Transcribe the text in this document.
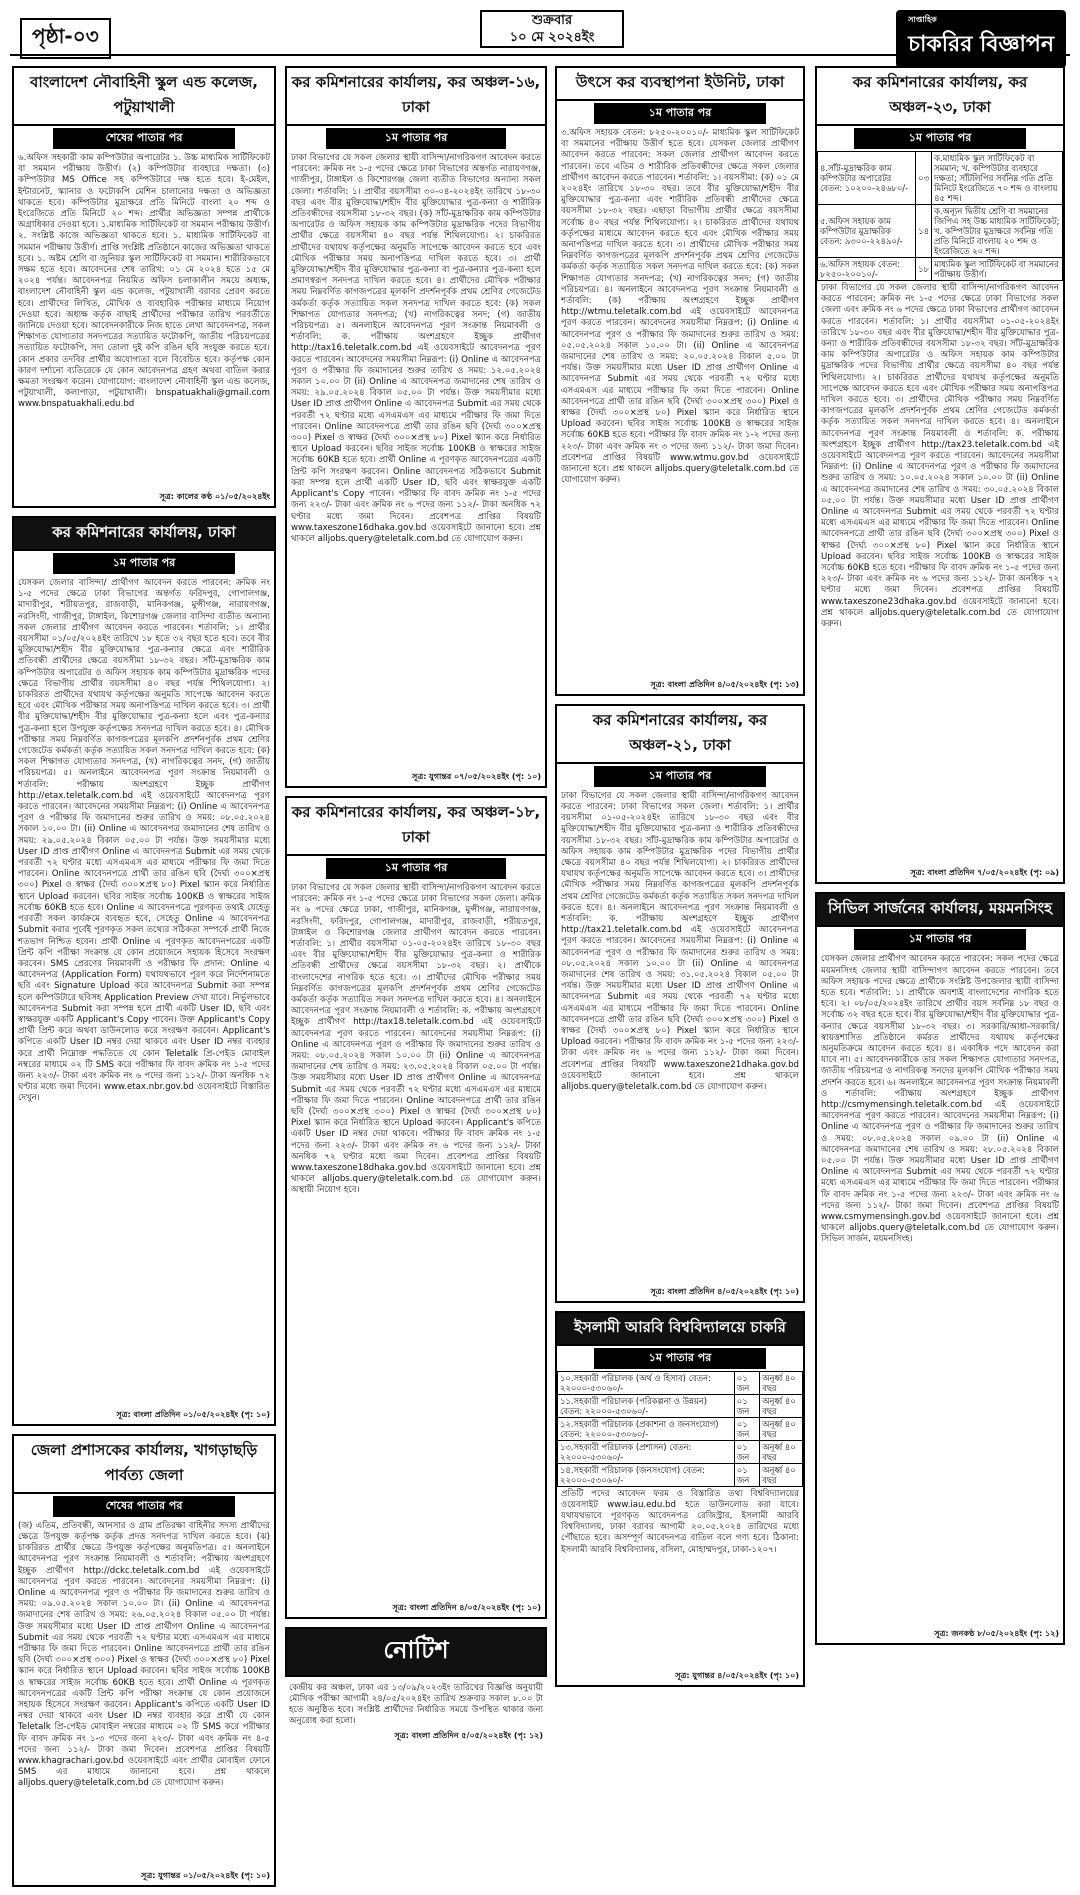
পৃষ্ঠা-০৩
শুক্রবার
১০ মে ২০২৪ইং
সাপ্তাহিক
চাকরির বিজ্ঞাপন
বাংলাদেশ নৌবাহিনী স্কুল এন্ড কলেজ, পটুয়াখালী
শেষের পাতার পর
৬.অফিস সহকারী কাম কম্পিউটার অপারেটর ১. উচ্চ মাধ্যমিক সার্টিফিকেট বা সমমান পরীক্ষায় উত্তীর্ণ। (২) কম্পিউটার ব্যবহারে দক্ষতা। (৩) কম্পিউটার MS Office সহ কম্পিউটারে দক্ষ হতে হবে। ই-মেইল, ইন্টারনেট, স্ক্যানার ও ফটোকপি মেশিন চালানোর দক্ষতা ও অভিজ্ঞতা থাকতে হবে। কম্পিউটার মুদ্রাক্ষরে প্রতি মিনিটে বাংলা ২০ শব্দ ও ইংরেজিতে প্রতি মিনিটে ২০ শব্দ। প্রার্থীর অভিজ্ঞতা সম্পন্ন প্রার্থীকে অগ্রাধিকার দেওয়া হবে। ১.মাধ্যমিক সার্টিফিকেট বা সমমান পরীক্ষায় উত্তীর্ণ। ২. সংশ্লিষ্ট কাজে অভিজ্ঞতা থাকতে হবে। ১. মাধ্যমিক সার্টিফিকেট বা সমমান পরীক্ষায় উত্তীর্ণ। প্রাপ্তি সংশ্লিষ্ট প্রতিষ্ঠানে কাজের অভিজ্ঞতা থাকতে হবে। ১. অষ্টম শ্রেণি বা জুনিয়র স্কুল সার্টিফিকেট বা সমমান। শারীরিকভাবে সক্ষম হতে হবে। আবেদনের শেষ তারিখ: ০১ মে ২০২৪ হতে ১৫ মে ২০২৪ পর্যন্ত। আবেদনপত্র নিয়মিত অফিস চলাকালীন সময়ে অধ্যক্ষ, বাংলাদেশ নৌবাহিনী স্কুল এন্ড কলেজ, পটুয়াখালী বরাবর প্রেরণ করতে হবে। প্রার্থীদের লিখিত, মৌখিক ও ব্যবহারিক পরীক্ষার মাধ্যমে নিয়োগ দেওয়া হবে। অধ্যক্ষ কর্তৃক বাছাই প্রার্থীদের পরীক্ষার তারিখ পরবর্তীতে জানিয়ে দেওয়া হবে। আবেদনকারীকে নিজ হাতে লেখা আবেদনপত্র, সকল শিক্ষাগত যোগ্যতার সনদপত্রের সত্যায়িত ফটোকপি, জাতীয় পরিচয়পত্রের সত্যায়িত ফটোকপি, সদ্য তোলা দুই কপি রঙিন ছবি সংযুক্ত করতে হবে। কোন প্রকার তদবির প্রার্থীর অযোগ্যতা বলে বিবেচিত হবে। কর্তৃপক্ষ কোন কারণ দর্শানো ব্যতিরেকে যে কোন আবেদনপত্র গ্রহণ অথবা বাতিল করার ক্ষমতা সংরক্ষণ করেন। যোগাযোগ: বাংলাদেশ নৌবাহিনী স্কুল এন্ড কলেজ, পটুয়াখালী, কলাপাড়া, পটুয়াখালী। bnspatuakhali@gmail.com www.bnspatuakhali.edu.bd
সূত্র: কালের কণ্ঠ ০১/০৫/২০২৪ইং
কর কমিশনারের কার্যালয়, ঢাকা
১ম পাতার পর
যেসকল জেলার বাসিন্দা/ প্রার্থীগণ আবেদন করতে পারবেন: ক্রমিক নং ১-৫ পদের ক্ষেত্রে ঢাকা বিভাগের অন্তর্গত ফরিদপুর, গোপালগঞ্জ, মাদারীপুর, শরীয়তপুর, রাজবাড়ী, মানিকগঞ্জ, মুন্সীগঞ্জ, নারায়ণগঞ্জ, নরসিংদী, গাজীপুর, টাঙ্গাইল, কিশোরগঞ্জ জেলার বাসিন্দা ব্যতীত অন্যান্য সকল জেলার প্রার্থীগণ আবেদন করতে পারবেন। শর্তাবলি: ১। প্রার্থীর বয়সসীমা ০১/০৫/২০২৪ইং তারিখে ১৮ হতে ৩২ বছর হতে হবে। তবে বীর মুক্তিযোদ্ধা/শহীদ বীর মুক্তিযোদ্ধার পুত্র-কন্যার ক্ষেত্রে এবং শারীরিক প্রতিবন্ধী প্রার্থীদের ক্ষেত্রে বয়সসীমা ১৮-৩২ বছর। সাঁট-মুদ্রাক্ষরিক কাম কম্পিউটার অপারেটর ও অফিস সহায়ক কাম কম্পিউটার মুদ্রাক্ষরিক পদের ক্ষেত্রে বিভাগীয় প্রার্থীর বয়সসীমা ৪০ বছর পর্যন্ত শিথিলযোগ্য। ২। চাকরিরত প্রার্থীদের যথাযথ কর্তৃপক্ষের অনুমতি সাপেক্ষে আবেদন করতে হবে এবং মৌখিক পরীক্ষার সময় অনাপত্তিপত্র দাখিল করতে হবে। ৩। প্রার্থী বীর মুক্তিযোদ্ধা/শহীদ বীর মুক্তিযোদ্ধার পুত্র-কন্যা হলে এবং পুত্র-কন্যার পুত্র-কন্যা হলে উপযুক্ত কর্তৃপক্ষের সনদপত্র দাখিল করতে হবে। ৪। মৌখিক পরীক্ষার সময় নিম্নবর্ণিত কাগজপত্রের মূলকপি প্রদর্শনপূর্বক প্রথম শ্রেণির গেজেটেড কর্মকর্তা কর্তৃক সত্যায়িত সকল সনদপত্র দাখিল করতে হবে: (ক) সকল শিক্ষাগত যোগ্যতার সনদপত্র, (খ) নাগরিকত্বের সনদ, (গ) জাতীয় পরিচয়পত্র। ৫। অনলাইনে আবেদনপত্র পূরণ সংক্রান্ত নিয়মাবলী ও শর্তাবলি: পরীক্ষায় অংশগ্রহণে ইচ্ছুক প্রার্থীগণ http://etax.teletalk.com.bd এই ওয়েবসাইটে আবেদনপত্র পূরণ করতে পারবেন। আবেদনের সময়সীমা নিম্নরূপ: (i) Online এ আবেদনপত্র পূরণ ও পরীক্ষার ফি জমাদানের শুরুর তারিখ ও সময়: ০৮.০৫.২০২৪ সকাল ১০.০০ টা। (ii) Online এ আবেদনপত্র জমাদানের শেষ তারিখ ও সময়: ২৯.০৫.২০২৪ বিকাল ০৫.০০ টা পর্যন্ত। উক্ত সময়সীমার মধ্যে User ID প্রাপ্ত প্রার্থীগণ Online এ আবেদনপত্র Submit এর সময় থেকে পরবর্তী ৭২ ঘণ্টার মধ্যে এসএমএস এর মাধ্যমে পরীক্ষার ফি জমা দিতে পারবেন। Online আবেদনপত্রে প্রার্থী তার রঙিন ছবি (দৈর্ঘ্য ৩০০×প্রস্থ ৩০০) Pixel ও স্বাক্ষর (দৈর্ঘ্য ৩০০×প্রস্থ ৮০) Pixel স্ক্যান করে নির্ধারিত স্থানে Upload করবেন। ছবির সাইজ সর্বোচ্চ 100KB ও স্বাক্ষরের সাইজ সর্বোচ্চ 60KB হতে হবে। Online এ আবেদনপত্রে পূরণকৃত তথ্যই যেহেতু পরবর্তী সকল কার্যক্রমে ব্যবহৃত হবে, সেহেতু Online এ আবেদনপত্র Submit করার পূর্বেই পূরণকৃত সকল তথ্যের সঠিকতা সম্পর্কে প্রার্থী নিজে শতভাগ নিশ্চিত হবেন। প্রার্থী Online এ পূরণকৃত আবেদনপত্রের একটি প্রিন্ট কপি পরীক্ষা সংক্রান্ত যে কোন প্রয়োজনে সহায়ক হিসেবে সংরক্ষণ করবেন। SMS প্রেরণের নিয়মাবলী ও পরীক্ষার ফি প্রদান: Online এ আবেদনপত্র (Application Form) যথাযথভাবে পূরণ করে নির্দেশনামতে ছবি এবং Signature Upload করে আবেদনপত্র Submit করা সম্পন্ন হলে কম্পিউটারে ছবিসহ Application Preview দেখা যাবে। নির্ভুলভাবে আবেদনপত্র Submit করা সম্পন্ন হলে প্রার্থী একটি User ID, ছবি এবং স্বাক্ষরযুক্ত একটি Applicant's Copy পাবেন। উক্ত Applicant's Copy প্রার্থী প্রিন্ট করে অথবা ডাউনলোড করে সংরক্ষণ করবেন। Applicant's কপিতে একটি User ID নম্বর দেয়া থাকবে এবং User ID নম্বর ব্যবহার করে প্রার্থী নিম্নোক্ত পদ্ধতিতে যে কোন Teletalk প্রি-পেইড মোবাইল নম্বরের মাধ্যমে ০২ টি SMS করে পরীক্ষার ফি বাবদ ক্রমিক নং ১-৫ পদের জন্য ২২৩/- টাকা এবং ক্রমিক নং ৬ পদের জন্য ১১২/- টাকা অনধিক ৭২ ঘণ্টার মধ্যে জমা দিবেন। www.etax.nbr.gov.bd ওয়েবসাইটে বিস্তারিত দেখুন।
সূত্র: বাংলা প্রতিদিন ০১/০৫/২০২৪ইং (পৃ: ১০)
জেলা প্রশাসকের কার্যালয়, খাগড়াছড়ি পার্বত্য জেলা
শেষের পাতার পর
(জ) এতিম, প্রতিবন্ধী, আনসার ও গ্রাম প্রতিরক্ষা বাহিনীর সদস্য প্রার্থীদের ক্ষেত্রে উপযুক্ত কর্তৃপক্ষ কর্তৃক প্রদত্ত সনদপত্র দাখিল করতে হবে। (ঝ) চাকরিরত প্রার্থীর ক্ষেত্রে উপযুক্ত কর্তৃপক্ষের অনুমতিপত্র। ৫। অনলাইনে আবেদনপত্র পূরণ সংক্রান্ত নিয়মাবলী ও শর্তাবলি: পরীক্ষায় অংশগ্রহণে ইচ্ছুক প্রার্থীগণ http://dckc.teletalk.com.bd এই ওয়েবসাইটে আবেদনপত্র পূরণ করতে পারবেন। আবেদনের সময়সীমা নিম্নরূপ: (i) Online এ আবেদনপত্র পূরণ ও পরীক্ষার ফি জমাদানের শুরুর তারিখ ও সময়: ০৯.০৫.২০২৪ সকাল ১০.০০ টা। (ii) Online এ আবেদনপত্র জমাদানের শেষ তারিখ ও সময়: ২৬.০৫.২০২৪ বিকাল ০৫.০০ টা পর্যন্ত। উক্ত সময়সীমার মধ্যে User ID প্রাপ্ত প্রার্থীগণ Online এ আবেদনপত্র Submit এর সময় থেকে পরবর্তী ৭২ ঘণ্টার মধ্যে এসএমএস এর মাধ্যমে পরীক্ষার ফি জমা দিতে পারবেন। Online আবেদনপত্রে প্রার্থী তার রঙিন ছবি (দৈর্ঘ্য ৩০০×প্রস্থ ৩০০) Pixel ও স্বাক্ষর (দৈর্ঘ্য ৩০০×প্রস্থ ৮০) Pixel স্ক্যান করে নির্ধারিত স্থানে Upload করবেন। ছবির সাইজ সর্বোচ্চ 100KB ও স্বাক্ষরের সাইজ সর্বোচ্চ 60KB হতে হবে। প্রার্থী Online এ পূরণকৃত আবেদনপত্রের একটি প্রিন্ট কপি পরীক্ষা সংক্রান্ত যে কোন প্রয়োজনে সহায়ক হিসেবে সংরক্ষণ করবেন। Applicant's কপিতে একটি User ID নম্বর দেয়া থাকবে এবং User ID নম্বর ব্যবহার করে প্রার্থী যে কোন Teletalk প্রি-পেইড মোবাইল নম্বরের মাধ্যমে ০২ টি SMS করে পরীক্ষার ফি বাবদ ক্রমিক নং ১-৩ পদের জন্য ২২৩/- টাকা এবং ক্রমিক নং ৪-৫ পদের জন্য ১১২/- টাকা জমা দিবেন। প্রবেশপত্র প্রাপ্তির বিষয়টি www.khagrachari.gov.bd ওয়েবসাইটে এবং প্রার্থীর মোবাইল ফোনে SMS এর মাধ্যমে জানানো হবে। প্রশ্ন থাকলে alljobs.query@teletalk.com.bd তে যোগাযোগ করুন।
সূত্র: যুগান্তর ০১/০৫/২০২৪ইং (পৃ: ১০)
কর কমিশনারের কার্যালয়, কর অঞ্চল-১৬, ঢাকা
১ম পাতার পর
ঢাকা বিভাগের যে সকল জেলার স্থায়ী বাসিন্দা/নাগরিকগণ আবেদন করতে পারবেন: ক্রমিক নং ১-৫ পদের ক্ষেত্রে ঢাকা বিভাগের অন্তর্গত নারায়ণগঞ্জ, গাজীপুর, টাঙ্গাইল ও কিশোরগঞ্জ জেলা ব্যতীত বিভাগের অন্যান্য সকল জেলা। শর্তাবলি: ১। প্রার্থীর বয়সসীমা ৩০-০৪-২০২৪ইং তারিখে ১৮-৩০ বছর এবং বীর মুক্তিযোদ্ধা/শহীদ বীর মুক্তিযোদ্ধার পুত্র-কন্যা ও শারীরিক প্রতিবন্ধীদের বয়সসীমা ১৮-৩২ বছর। (ক) সাঁট-মুদ্রাক্ষরিক কাম কম্পিউটার অপারেটর ও অফিস সহায়ক কাম কম্পিউটার মুদ্রাক্ষরিক পদের বিভাগীয় প্রার্থীর ক্ষেত্রে বয়সসীমা ৪০ বছর পর্যন্ত শিথিলযোগ্য। ২। চাকরিরত প্রার্থীদের যথাযথ কর্তৃপক্ষের অনুমতি সাপেক্ষে আবেদন করতে হবে এবং মৌখিক পরীক্ষার সময় অনাপত্তিপত্র দাখিল করতে হবে। ৩। প্রার্থী মুক্তিযোদ্ধা/শহীদ বীর মুক্তিযোদ্ধার পুত্র-কন্যা বা পুত্র-কন্যার পুত্র-কন্যা হলে প্রমাণস্বরূপ সনদপত্র দাখিল করতে হবে। ৪। প্রার্থীদের মৌখিক পরীক্ষার সময় নিম্নবর্ণিত কাগজপত্রের মূলকপি প্রদর্শনপূর্বক প্রথম শ্রেণির গেজেটেড কর্মকর্তা কর্তৃক সত্যায়িত সকল সনদপত্র দাখিল করতে হবে: (ক) সকল শিক্ষাগত যোগ্যতার সনদপত্র; (খ) নাগরিকত্বের সনদ; (গ) জাতীয় পরিচয়পত্র। ৫। অনলাইনে আবেদনপত্র পূরণ সংক্রান্ত নিয়মাবলী ও শর্তাবলি: ক. পরীক্ষায় অংশগ্রহণে ইচ্ছুক প্রার্থীগণ http://tax16.teletalk.com.bd এই ওয়েবসাইটে আবেদনপত্র পূরণ করতে পারবেন। আবেদনের সময়সীমা নিম্নরূপ: (i) Online এ আবেদনপত্র পূরণ ও পরীক্ষার ফি জমাদানের শুরুর তারিখ ও সময়: ১২.০৫.২০২৪ সকাল ১০.০০ টা (ii) Online এ আবেদনপত্র জমাদানের শেষ তারিখ ও সময়: ২৯.০৫.২০২৪ বিকাল ০৫.০০ টা পর্যন্ত। উক্ত সময়সীমার মধ্যে User ID প্রাপ্ত প্রার্থীগণ Online এ আবেদনপত্র Submit এর সময় থেকে পরবর্তী ৭২ ঘণ্টার মধ্যে এসএমএস এর মাধ্যমে পরীক্ষার ফি জমা দিতে পারবেন। Online আবেদনপত্রে প্রার্থী তার রঙিন ছবি (দৈর্ঘ্য ৩০০×প্রস্থ ৩০০) Pixel ও স্বাক্ষর (দৈর্ঘ্য ৩০০×প্রস্থ ৮০) Pixel স্ক্যান করে নির্ধারিত স্থানে Upload করবেন। ছবির সাইজ সর্বোচ্চ 100KB ও স্বাক্ষরের সাইজ সর্বোচ্চ 60KB হতে হবে। প্রার্থী Online এ পূরণকৃত আবেদনপত্রের একটি প্রিন্ট কপি সংরক্ষণ করবেন। Online আবেদনপত্র সঠিকভাবে Submit করা সম্পন্ন হলে প্রার্থী একটি User ID, ছবি এবং স্বাক্ষরযুক্ত একটি Applicant's Copy পাবেন। পরীক্ষার ফি বাবদ ক্রমিক নং ১-৫ পদের জন্য ২২৩/- টাকা এবং ক্রমিক নং ৬ পদের জন্য ১১২/- টাকা অনধিক ৭২ ঘণ্টার মধ্যে জমা দিবেন। প্রবেশপত্র প্রাপ্তির বিষয়টি www.taxeszone16dhaka.gov.bd ওয়েবসাইটে জানানো হবে। প্রশ্ন থাকলে alljobs.query@teletalk.com.bd তে যোগাযোগ করুন।
সূত্র: যুগান্তর ০৭/০৫/২০২৪ইং (পৃ: ১০)
কর কমিশনারের কার্যালয়, কর অঞ্চল-১৮, ঢাকা
১ম পাতার পর
ঢাকা বিভাগের যে সকল জেলার স্থায়ী বাসিন্দা/নাগরিকগণ আবেদন করতে পারবেন: ক্রমিক নং ১-৫ পদের ক্ষেত্রে ঢাকা বিভাগের সকল জেলা। ক্রমিক নং ৬ পদের ক্ষেত্রে ঢাকা, গাজীপুর, মানিকগঞ্জ, মুন্সীগঞ্জ, নারায়ণগঞ্জ, নরসিংদী, ফরিদপুর, গোপালগঞ্জ, মাদারীপুর, রাজবাড়ী, শরীয়তপুর, টাঙ্গাইল ও কিশোরগঞ্জ জেলার প্রার্থীগণ আবেদন করতে পারবেন। শর্তাবলি: ১। প্রার্থীর বয়সসীমা ০১-০৫-২০২৪ইং তারিখে ১৮-৩০ বছর এবং বীর মুক্তিযোদ্ধা/শহীদ বীর মুক্তিযোদ্ধার পুত্র-কন্যা ও শারীরিক প্রতিবন্ধী প্রার্থীদের ক্ষেত্রে বয়সসীমা ১৮-৩২ বছর। ২। প্রার্থীকে বাংলাদেশের নাগরিক হতে হবে। ৩। প্রার্থীদের মৌখিক পরীক্ষার সময় নিম্নবর্ণিত কাগজপত্রের মূলকপি প্রদর্শনপূর্বক প্রথম শ্রেণির গেজেটেড কর্মকর্তা কর্তৃক সত্যায়িত সকল সনদপত্র দাখিল করতে হবে। ৪। অনলাইনে আবেদনপত্র পূরণ সংক্রান্ত নিয়মাবলী ও শর্তাবলি: ক. পরীক্ষায় অংশগ্রহণে ইচ্ছুক প্রার্থীগণ http://tax18.teletalk.com.bd এই ওয়েবসাইটে আবেদনপত্র পূরণ করতে পারবেন। আবেদনের সময়সীমা নিম্নরূপ: (i) Online এ আবেদনপত্র পূরণ ও পরীক্ষার ফি জমাদানের শুরুর তারিখ ও সময়: ০৮.০৫.২০২৪ সকাল ১০.০০ টা (ii) Online এ আবেদনপত্র জমাদানের শেষ তারিখ ও সময়: ২৩.০৫.২০২৪ বিকাল ০৫.০০ টা পর্যন্ত। উক্ত সময়সীমার মধ্যে User ID প্রাপ্ত প্রার্থীগণ Online এ আবেদনপত্র Submit এর সময় থেকে পরবর্তী ৭২ ঘণ্টার মধ্যে এসএমএস এর মাধ্যমে পরীক্ষার ফি জমা দিতে পারবেন। Online আবেদনপত্রে প্রার্থী তার রঙিন ছবি (দৈর্ঘ্য ৩০০×প্রস্থ ৩০০) Pixel ও স্বাক্ষর (দৈর্ঘ্য ৩০০×প্রস্থ ৮০) Pixel স্ক্যান করে নির্ধারিত স্থানে Upload করবেন। Applicant's কপিতে একটি User ID নম্বর দেয়া থাকবে। পরীক্ষার ফি বাবদ ক্রমিক নং ১-৫ পদের জন্য ২২৩/- টাকা এবং ক্রমিক নং ৬ পদের জন্য ১১২/- টাকা অনধিক ৭২ ঘণ্টার মধ্যে জমা দিবেন। প্রবেশপত্র প্রাপ্তির বিষয়টি www.taxeszone18dhaka.gov.bd ওয়েবসাইটে জানানো হবে। প্রশ্ন থাকলে alljobs.query@teletalk.com.bd তে যোগাযোগ করুন। অস্থায়ী নিয়োগ হবে।
সূত্র: বাংলা প্রতিদিন ৪/০৫/২০২৪ইং (পৃ: ১০)
নোটিশ
কেন্দ্রীয় কর অঞ্চল, ঢাকা এর ১৩/০৯/২০২৩ইং তারিখের বিজ্ঞপ্তি অনুযায়ী মৌখিক পরীক্ষা আগামী ২৪/০৫/২০২৪ইং তারিখ শুক্রবার সকাল ৮.০০ টা হতে অনুষ্ঠিত হবে। সংশ্লিষ্ট প্রার্থীদের নির্ধারিত সময়ে উপস্থিত থাকার জন্য অনুরোধ করা হলো।
সূত্র: বাংলা প্রতিদিন ৫/০৫/২০২৪ইং (পৃ: ১২)
উৎসে কর ব্যবস্থাপনা ইউনিট, ঢাকা
১ম পাতার পর
৩.অফিস সহায়ক বেতন: ৮২৫০-২০০১০/- মাধ্যমিক স্কুল সার্টিফিকেট বা সমমানের পরীক্ষায় উত্তীর্ণ হতে হবে। যেসকল জেলার প্রার্থীগণ আবেদন করতে পারবেন: সকল জেলার প্রার্থীগণ আবেদন করতে পারবেন। তবে এতিম ও শারীরিক প্রতিবন্ধীদের ক্ষেত্রে সকল জেলার প্রার্থীগণ আবেদন করতে পারবেন। শর্তাবলি: ১। বয়সসীমা: (ক) ০১ মে ২০২৪ইং তারিখে ১৮-৩০ বছর। তবে বীর মুক্তিযোদ্ধা/শহীদ বীর মুক্তিযোদ্ধার পুত্র-কন্যা এবং শারীরিক প্রতিবন্ধী প্রার্থীদের ক্ষেত্রে বয়সসীমা ১৮-৩২ বছর। এছাড়া বিভাগীয় প্রার্থীর ক্ষেত্রে বয়সসীমা সর্বোচ্চ ৪০ বছর পর্যন্ত শিথিলযোগ্য। ২। চাকরিরত প্রার্থীদের যথাযথ কর্তৃপক্ষের মাধ্যমে আবেদন করতে হবে এবং মৌখিক পরীক্ষার সময় অনাপত্তিপত্র দাখিল করতে হবে। ৩। প্রার্থীদের মৌখিক পরীক্ষার সময় নিম্নবর্ণিত কাগজপত্রের মূলকপি প্রদর্শনপূর্বক প্রথম শ্রেণির গেজেটেড কর্মকর্তা কর্তৃক সত্যায়িত সকল সনদপত্র দাখিল করতে হবে: (ক) সকল শিক্ষাগত যোগ্যতার সনদপত্র; (খ) নাগরিকত্বের সনদ; (গ) জাতীয় পরিচয়পত্র। ৪। অনলাইনে আবেদনপত্র পূরণ সংক্রান্ত নিয়মাবলী ও শর্তাবলি: (ক) পরীক্ষায় অংশগ্রহণে ইচ্ছুক প্রার্থীগণ http://wtmu.teletalk.com.bd এই ওয়েবসাইটে আবেদনপত্র পূরণ করতে পারবেন। আবেদনের সময়সীমা নিম্নরূপ: (i) Online এ আবেদনপত্র পূরণ ও পরীক্ষার ফি জমাদানের শুরুর তারিখ ও সময়: ০৫.০৫.২০২৪ সকাল ১০.০০ টা। (ii) Online এ আবেদনপত্র জমাদানের শেষ তারিখ ও সময়: ২০.০৫.২০২৪ বিকাল ৫.০০ টা পর্যন্ত। উক্ত সময়সীমার মধ্যে User ID প্রাপ্ত প্রার্থীগণ Online এ আবেদনপত্র Submit এর সময় থেকে পরবর্তী ৭২ ঘণ্টার মধ্যে এসএমএস এর মাধ্যমে পরীক্ষার ফি জমা দিতে পারবেন। Online আবেদনপত্রে প্রার্থী তার রঙিন ছবি (দৈর্ঘ্য ৩০০×প্রস্থ ৩০০) Pixel ও স্বাক্ষর (দৈর্ঘ্য ৩০০×প্রস্থ ৮০) Pixel স্ক্যান করে নির্ধারিত স্থানে Upload করবেন। ছবির সাইজ সর্বোচ্চ 100KB ও স্বাক্ষরের সাইজ সর্বোচ্চ 60KB হতে হবে। পরীক্ষার ফি বাবদ ক্রমিক নং ১-২ পদের জন্য ২২৩/- টাকা এবং ক্রমিক নং ৩ পদের জন্য ১১২/- টাকা জমা দিবেন। প্রবেশপত্র প্রাপ্তির বিষয়টি www.wtmu.gov.bd ওয়েবসাইটে জানানো হবে। প্রশ্ন থাকলে alljobs.query@teletalk.com.bd তে যোগাযোগ করুন।
সূত্র: বাংলা প্রতিদিন ৪/০৫/২০২৪ইং (পৃ: ১৩)
কর কমিশনারের কার্যালয়, কর অঞ্চল-২১, ঢাকা
১ম পাতার পর
ঢাকা বিভাগের যে সকল জেলার স্থায়ী বাসিন্দা/নাগরিকগণ আবেদন করতে পারবেন: ঢাকা বিভাগের সকল জেলা। শর্তাবলি: ১। প্রার্থীর বয়সসীমা ০১-০৫-২০২৪ইং তারিখে ১৮-৩০ বছর এবং বীর মুক্তিযোদ্ধা/শহীদ বীর মুক্তিযোদ্ধার পুত্র-কন্যা ও শারীরিক প্রতিবন্ধীদের বয়সসীমা ১৮-৩২ বছর। সাঁট-মুদ্রাক্ষরিক কাম কম্পিউটার অপারেটর ও অফিস সহায়ক কাম কম্পিউটার মুদ্রাক্ষরিক পদের বিভাগীয় প্রার্থীর ক্ষেত্রে বয়সসীমা ৪০ বছর পর্যন্ত শিথিলযোগ্য। ২। চাকরিরত প্রার্থীদের যথাযথ কর্তৃপক্ষের অনুমতি সাপেক্ষে আবেদন করতে হবে। ৩। প্রার্থীদের মৌখিক পরীক্ষার সময় নিম্নবর্ণিত কাগজপত্রের মূলকপি প্রদর্শনপূর্বক প্রথম শ্রেণির গেজেটেড কর্মকর্তা কর্তৃক সত্যায়িত সকল সনদপত্র দাখিল করতে হবে। ৪। অনলাইনে আবেদনপত্র পূরণ সংক্রান্ত নিয়মাবলী ও শর্তাবলি: ক. পরীক্ষায় অংশগ্রহণে ইচ্ছুক প্রার্থীগণ http://tax21.teletalk.com.bd এই ওয়েবসাইটে আবেদনপত্র পূরণ করতে পারবেন। আবেদনের সময়সীমা নিম্নরূপ: (i) Online এ আবেদনপত্র পূরণ ও পরীক্ষার ফি জমাদানের শুরুর তারিখ ও সময়: ০৮.০৫.২০২৪ সকাল ১০.০০ টা (ii) Online এ আবেদনপত্র জমাদানের শেষ তারিখ ও সময়: ৩১.০৫.২০২৪ বিকাল ০৫.০০ টা পর্যন্ত। উক্ত সময়সীমার মধ্যে User ID প্রাপ্ত প্রার্থীগণ Online এ আবেদনপত্র Submit এর সময় থেকে পরবর্তী ৭২ ঘণ্টার মধ্যে এসএমএস এর মাধ্যমে পরীক্ষার ফি জমা দিতে পারবেন। Online আবেদনপত্রে প্রার্থী তার রঙিন ছবি (দৈর্ঘ্য ৩০০×প্রস্থ ৩০০) Pixel ও স্বাক্ষর (দৈর্ঘ্য ৩০০×প্রস্থ ৮০) Pixel স্ক্যান করে নির্ধারিত স্থানে Upload করবেন। পরীক্ষার ফি বাবদ ক্রমিক নং ১-৫ পদের জন্য ২২৩/- টাকা এবং ক্রমিক নং ৬ পদের জন্য ১১২/- টাকা জমা দিবেন। প্রবেশপত্র প্রাপ্তির বিষয়টি www.taxeszone21dhaka.gov.bd ওয়েবসাইটে জানানো হবে। প্রশ্ন থাকলে alljobs.query@teletalk.com.bd তে যোগাযোগ করুন।
সূত্র: বাংলা প্রতিদিন ৪/০৫/২০২৪ইং (পৃ: ১০)
ইসলামী আরবি বিশ্ববিদ্যালয়ে চাকরি
১ম পাতার পর
১০.সহকারী পরিচালক (অর্থ ও হিসাব) বেতন: ২২০০০-৫৩০৬০/-	০১ জন	অনূর্ধ্ব ৪০ বছর
১১.সহকারী পরিচালক (পরিকল্পনা ও উন্নয়ন) বেতন: ২২০০০-৫৩০৬০/-	০১ জন	অনূর্ধ্ব ৪০ বছর
১২.সহকারী পরিচালক (প্রকাশনা ও জনসংযোগ) বেতন: ২২০০০-৫৩০৬০/-	০১ জন	অনূর্ধ্ব ৪০ বছর
১৩.সহকারী পরিচালক (প্রশাসন) বেতন: ২২০০০-৫৩০৬০/-	০১ জন	অনূর্ধ্ব ৪০ বছর
১৪.সহকারী পরিচালক (জনসংযোগ) বেতন: ২২০০০-৫৩০৬০/-	০১ জন	অনূর্ধ্ব ৪০ বছর
প্রতিটি পদের আবেদন ফরম ও বিস্তারিত তথ্য বিশ্ববিদ্যালয়ের ওয়েবসাইট www.iau.edu.bd হতে ডাউনলোড করা যাবে। যথাযথভাবে পূরণকৃত আবেদনপত্র রেজিস্ট্রার, ইসলামী আরবি বিশ্ববিদ্যালয়, ঢাকা বরাবর আগামী ২০.০৫.২০২৪ তারিখের মধ্যে পৌঁছাতে হবে। অসম্পূর্ণ আবেদনপত্র বাতিল বলে গণ্য হবে। ঠিকানা: ইসলামী আরবি বিশ্ববিদ্যালয়, বসিলা, মোহাম্মদপুর, ঢাকা-১২০৭।
সূত্র: যুগান্তর ৪/০৫/২০২৪ইং (পৃ: ১০)
কর কমিশনারের কার্যালয়, কর অঞ্চল-২৩, ঢাকা
১ম পাতার পর
৪.সাঁট-মুদ্রাক্ষরিক কাম কম্পিউটার অপারেটর বেতন: ১০২০০-২৪৬৮০/-	০৩	ক.মাধ্যমিক স্কুল সার্টিফিকেট বা সমমান; খ. কম্পিউটার ব্যবহারে দক্ষতা; সাঁটলিপির সর্বনিম্ন গতি প্রতি মিনিটে ইংরেজিতে ৭০ শব্দ ও বাংলায় ৪৫ শব্দ।
৫.অফিস সহায়ক কাম কম্পিউটার মুদ্রাক্ষরিক বেতন: ৯৩০০-২২৪৯০/-	১৪	ক.অন্যূন দ্বিতীয় শ্রেণি বা সমমানের জিপিএ সহ উচ্চ মাধ্যমিক সার্টিফিকেট; খ. কম্পিউটার মুদ্রাক্ষরে সর্বনিম্ন গতি প্রতি মিনিটে বাংলায় ২০ শব্দ ও ইংরেজিতে ২০ শব্দ।
৬.অফিস সহায়ক বেতন: ৮২৫০-২০০১০/-	১৮	মাধ্যমিক স্কুল সার্টিফিকেট বা সমমানের পরীক্ষায় উত্তীর্ণ।
ঢাকা বিভাগের যে সকল জেলার স্থায়ী বাসিন্দা/নাগরিকগণ আবেদন করতে পারবেন: ক্রমিক নং ১-৫ পদের ক্ষেত্রে ঢাকা বিভাগের সকল জেলা এবং ক্রমিক নং ৬ পদের ক্ষেত্রে ঢাকা বিভাগের প্রার্থীগণ আবেদন করতে পারবেন। শর্তাবলি: ১। প্রার্থীর বয়সসীমা ০১-০৫-২০২৪ইং তারিখে ১৮-৩০ বছর এবং বীর মুক্তিযোদ্ধা/শহীদ বীর মুক্তিযোদ্ধার পুত্র-কন্যা ও শারীরিক প্রতিবন্ধীদের বয়সসীমা ১৮-৩২ বছর। সাঁট-মুদ্রাক্ষরিক কাম কম্পিউটার অপারেটর ও অফিস সহায়ক কাম কম্পিউটার মুদ্রাক্ষরিক পদের বিভাগীয় প্রার্থীর ক্ষেত্রে বয়সসীমা ৪০ বছর পর্যন্ত শিথিলযোগ্য। ২। চাকরিরত প্রার্থীদের যথাযথ কর্তৃপক্ষের অনুমতি সাপেক্ষে আবেদন করতে হবে এবং মৌখিক পরীক্ষার সময় অনাপত্তিপত্র দাখিল করতে হবে। ৩। প্রার্থীদের মৌখিক পরীক্ষার সময় নিম্নবর্ণিত কাগজপত্রের মূলকপি প্রদর্শনপূর্বক প্রথম শ্রেণির গেজেটেড কর্মকর্তা কর্তৃক সত্যায়িত সকল সনদপত্র দাখিল করতে হবে। ৪। অনলাইনে আবেদনপত্র পূরণ সংক্রান্ত নিয়মাবলী ও শর্তাবলি: ক. পরীক্ষায় অংশগ্রহণে ইচ্ছুক প্রার্থীগণ http://tax23.teletalk.com.bd এই ওয়েবসাইটে আবেদনপত্র পূরণ করতে পারবেন। আবেদনের সময়সীমা নিম্নরূপ: (i) Online এ আবেদনপত্র পূরণ ও পরীক্ষার ফি জমাদানের শুরুর তারিখ ও সময়: ১০.০৫.২০২৪ সকাল ১০.০০ টা (ii) Online এ আবেদনপত্র জমাদানের শেষ তারিখ ও সময়: ৩০.০৫.২০২৪ বিকাল ০৫.০০ টা পর্যন্ত। উক্ত সময়সীমার মধ্যে User ID প্রাপ্ত প্রার্থীগণ Online এ আবেদনপত্র Submit এর সময় থেকে পরবর্তী ৭২ ঘণ্টার মধ্যে এসএমএস এর মাধ্যমে পরীক্ষার ফি জমা দিতে পারবেন। Online আবেদনপত্রে প্রার্থী তার রঙিন ছবি (দৈর্ঘ্য ৩০০×প্রস্থ ৩০০) Pixel ও স্বাক্ষর (দৈর্ঘ্য ৩০০×প্রস্থ ৮০) Pixel স্ক্যান করে নির্ধারিত স্থানে Upload করবেন। ছবির সাইজ সর্বোচ্চ 100KB ও স্বাক্ষরের সাইজ সর্বোচ্চ 60KB হতে হবে। পরীক্ষার ফি বাবদ ক্রমিক নং ১-৫ পদের জন্য ২২৩/- টাকা এবং ক্রমিক নং ৬ পদের জন্য ১১২/- টাকা অনধিক ৭২ ঘণ্টার মধ্যে জমা দিবেন। প্রবেশপত্র প্রাপ্তির বিষয়টি www.taxeszone23dhaka.gov.bd ওয়েবসাইটে জানানো হবে। প্রশ্ন থাকলে alljobs.query@teletalk.com.bd তে যোগাযোগ করুন।
সূত্র: বাংলা প্রতিদিন ৭/০৫/২০২৪ইং (পৃ: ০৯)
সিভিল সার্জনের কার্যালয়, ময়মনসিংহ
১ম পাতার পর
যেসকল জেলার প্রার্থীগণ আবেদন করতে পারবেন: সকল পদের ক্ষেত্রে ময়মনসিংহ জেলার স্থায়ী বাসিন্দাগণ আবেদন করতে পারবেন। তবে অফিস সহায়ক পদের ক্ষেত্রে প্রার্থীকে সংশ্লিষ্ট উপজেলার স্থায়ী বাসিন্দা হতে হবে। শর্তাবলি: ১। প্রার্থীকে অবশ্যই বাংলাদেশের নাগরিক হতে হবে। ২। ০৮/০৫/২০২৪ইং তারিখে প্রার্থীর বয়স সর্বনিম্ন ১৮ বছর ও সর্বোচ্চ ৩২ বছর হতে হবে। বীর মুক্তিযোদ্ধা/শহীদ বীর মুক্তিযোদ্ধার পুত্র-কন্যার ক্ষেত্রে বয়সসীমা ১৮-৩২ বছর। ৩। সরকারি/আধা-সরকারি/স্বায়ত্তশাসিত প্রতিষ্ঠানে কর্মরত প্রার্থীদের যথাযথ কর্তৃপক্ষের অনুমতিক্রমে আবেদন করতে হবে। ৪। একাধিক পদে আবেদন করা যাবে না। ৫। আবেদনকারীকে তার সকল শিক্ষাগত যোগ্যতার সনদপত্র, জাতীয় পরিচয়পত্র ও নাগরিকত্ব সনদের মূলকপি মৌখিক পরীক্ষার সময় প্রদর্শন করতে হবে। ৬। অনলাইনে আবেদনপত্র পূরণ সংক্রান্ত নিয়মাবলী ও শর্তাবলি: পরীক্ষায় অংশগ্রহণে ইচ্ছুক প্রার্থীগণ http://csmymensingh.teletalk.com.bd এই ওয়েবসাইটে আবেদনপত্র পূরণ করতে পারবেন। আবেদনের সময়সীমা নিম্নরূপ: (i) Online এ আবেদনপত্র পূরণ ও পরীক্ষার ফি জমাদানের শুরুর তারিখ ও সময়: ০৮.০৫.২০২৪ সকাল ০৯.০০ টা (ii) Online এ আবেদনপত্র জমাদানের শেষ তারিখ ও সময়: ২৮.০৫.২০২৪ বিকাল ০৫.০০ টা পর্যন্ত। উক্ত সময়সীমার মধ্যে User ID প্রাপ্ত প্রার্থীগণ Online এ আবেদনপত্র Submit এর সময় থেকে পরবর্তী ৭২ ঘণ্টার মধ্যে এসএমএস এর মাধ্যমে পরীক্ষার ফি জমা দিতে পারবেন। পরীক্ষার ফি বাবদ ক্রমিক নং ১-৫ পদের জন্য ২২৩/- টাকা এবং ক্রমিক নং ৬ পদের জন্য ১১২/- টাকা জমা দিবেন। প্রবেশপত্র প্রাপ্তির বিষয়টি www.csmymensingh.gov.bd ওয়েবসাইটে জানানো হবে। প্রশ্ন থাকলে alljobs.query@teletalk.com.bd তে যোগাযোগ করুন। সিভিল সার্জন, ময়মনসিংহ।
সূত্র: জনকণ্ঠ ৮/০৫/২০২৪ইং (পৃ: ১২)
